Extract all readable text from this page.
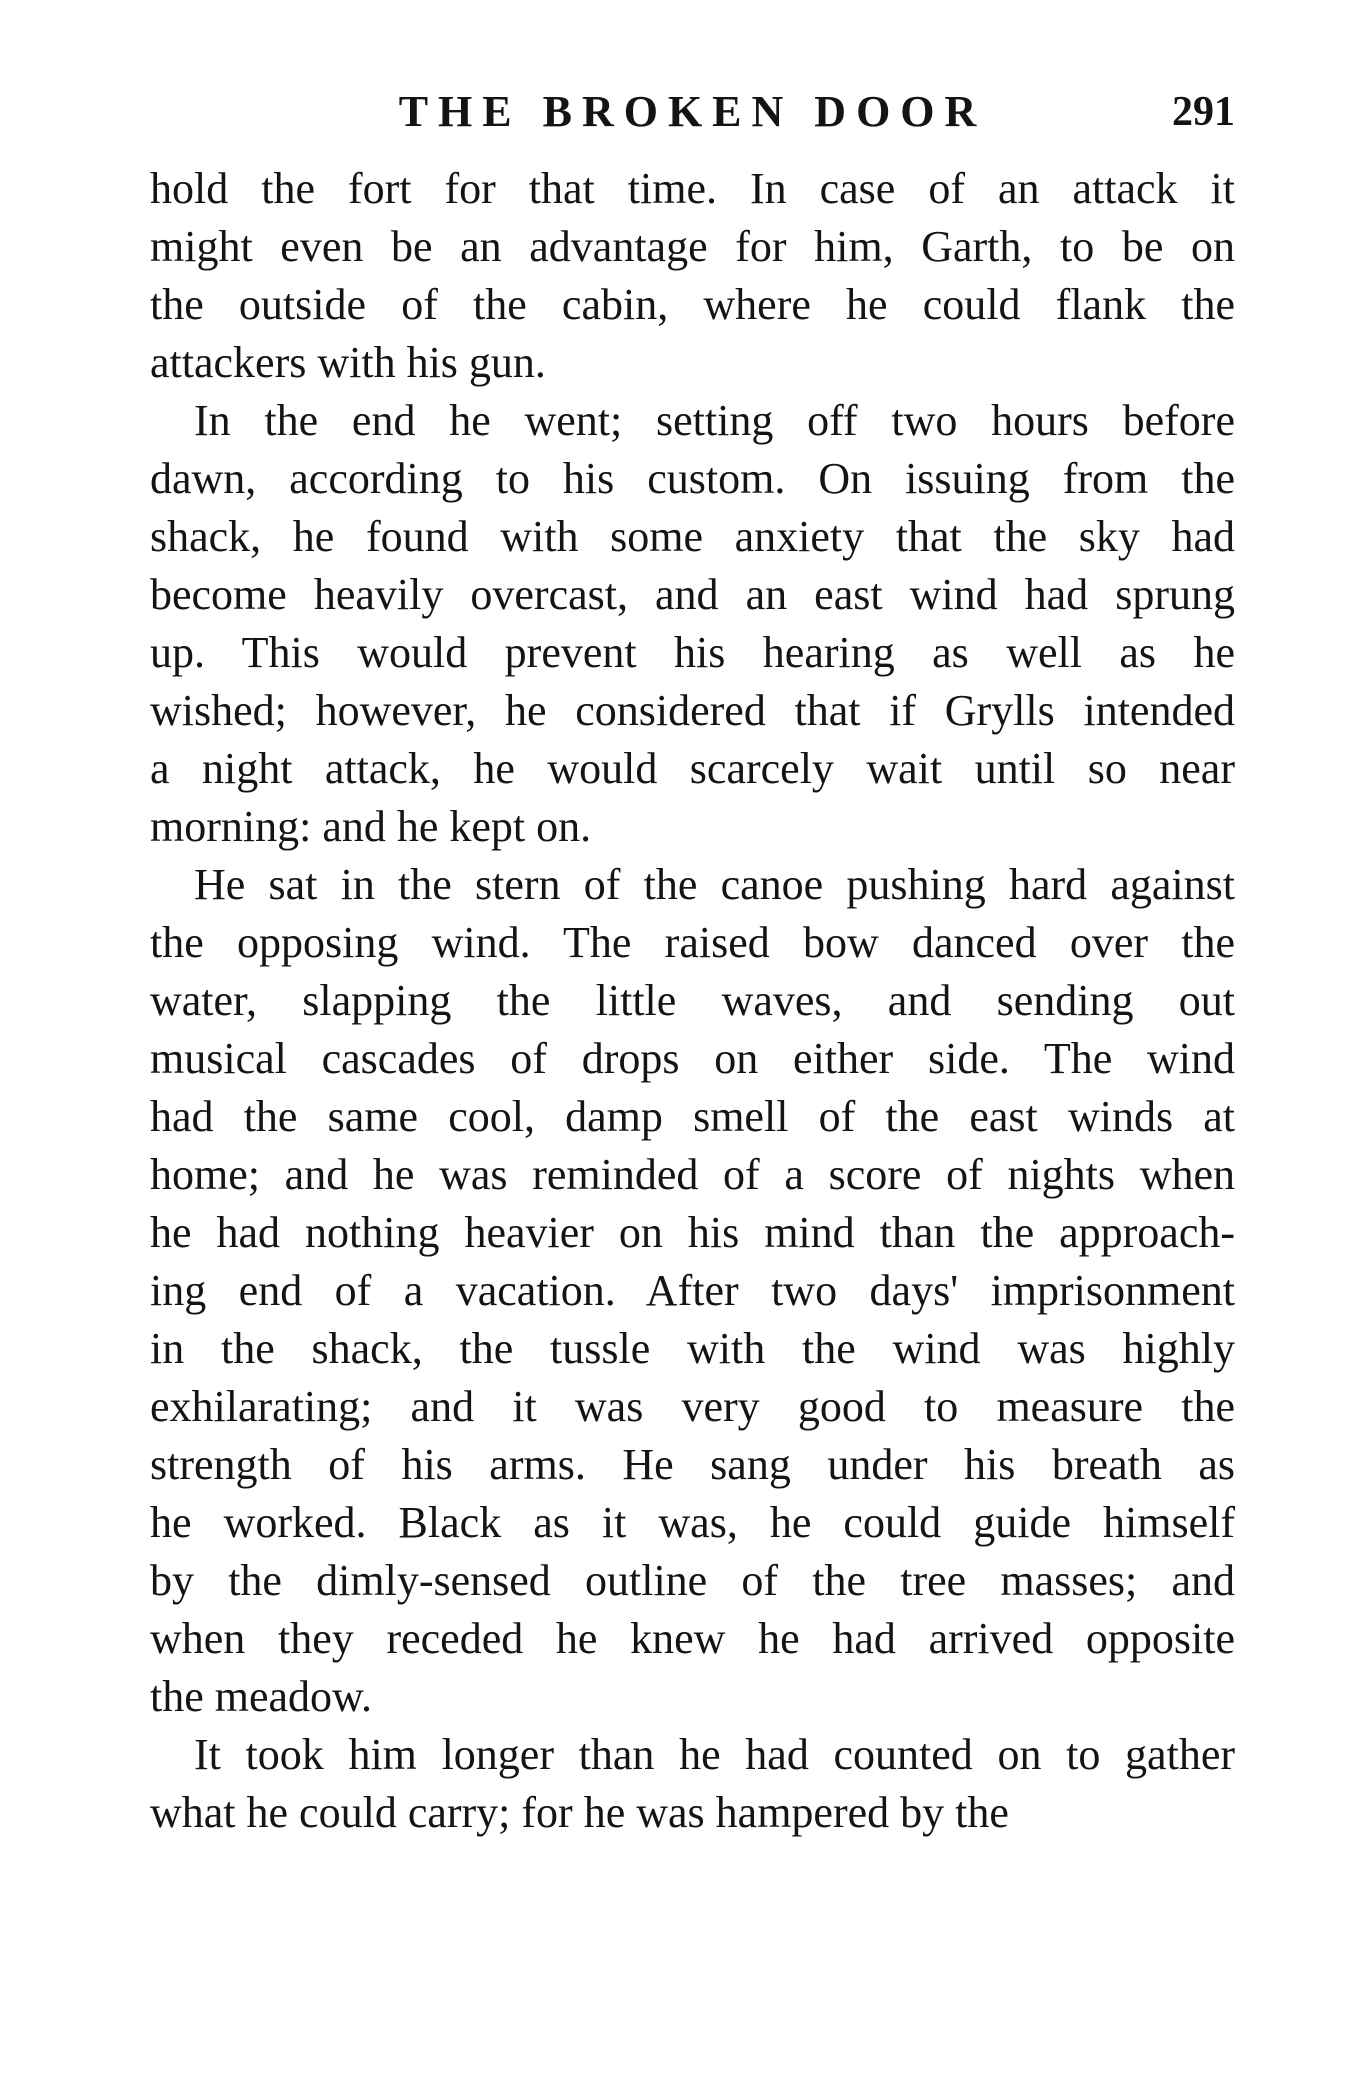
THE BROKEN DOOR	291
hold the fort for that time. In case of an attack it
might even be an advantage for him, Garth, to be on
the outside of the cabin, where he could flank the
attackers with his gun.
In the end he went; setting off two hours before
dawn, according to his custom. On issuing from the
shack, he found with some anxiety that the sky had
become heavily overcast, and an east wind had sprung
up. This would prevent his hearing as well as he
wished; however, he considered that if Grylls intended
a night attack, he would scarcely wait until so near
morning: and he kept on.
He sat in the stern of the canoe pushing hard against
the opposing wind. The raised bow danced over the
water, slapping the little waves, and sending out
musical cascades of drops on either side. The wind
had the same cool, damp smell of the east winds at
home; and he was reminded of a score of nights when
he had nothing heavier on his mind than the approach-
ing end of a vacation. After two days' imprisonment
in the shack, the tussle with the wind was highly
exhilarating; and it was very good to measure the
strength of his arms. He sang under his breath as
he worked. Black as it was, he could guide himself
by the dimly-sensed outline of the tree masses; and
when they receded he knew he had arrived opposite
the meadow.
It took him longer than he had counted on to gather
what he could carry; for he was hampered by the
